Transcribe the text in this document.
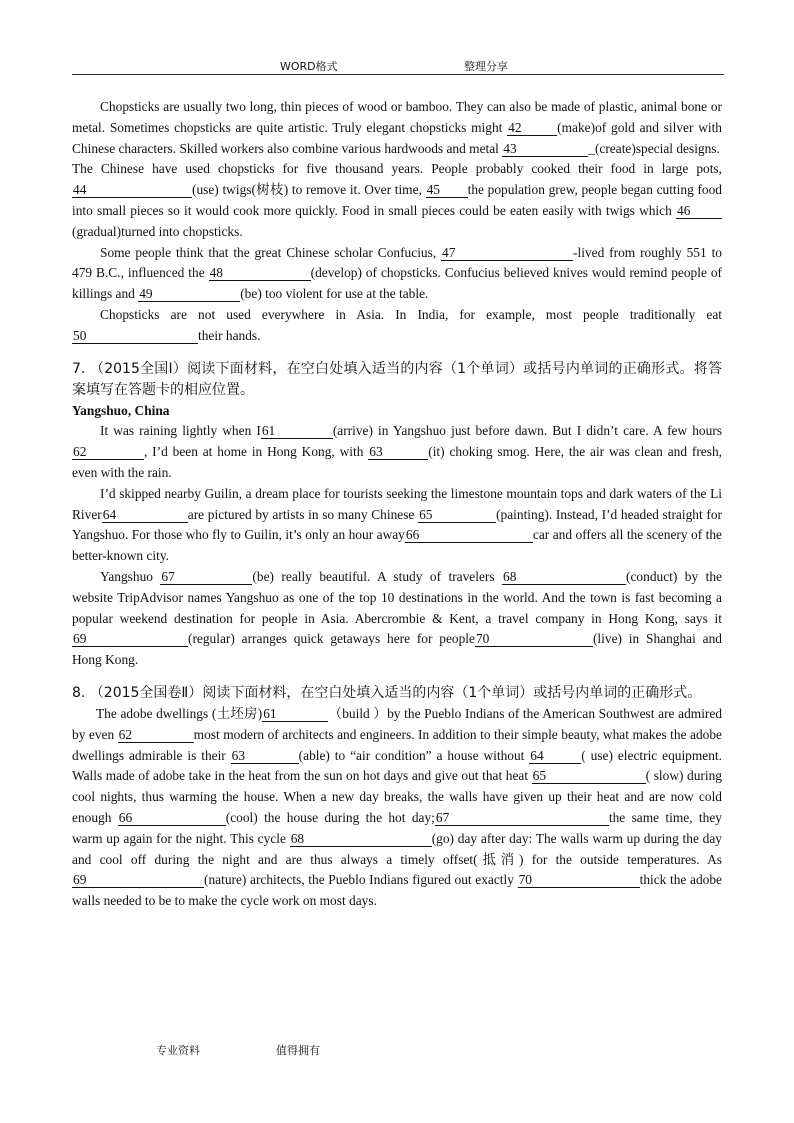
WORD格式	整理分享

Chopsticks are usually two long, thin pieces of wood or bamboo. They can also be made of plastic, animal bone or metal. Sometimes chopsticks are quite artistic. Truly elegant chopsticks might 42	(make)of gold and silver with Chinese characters. Skilled workers also combine various hardwoods and metal 43	_(create)special designs.

The Chinese have used chopsticks for five thousand years. People probably cooked their food in large pots, 44	(use) twigs(树枝) to remove it. Over time, 45 the population grew, people began cutting food into small pieces so it would cook more quickly. Food in small pieces could be eaten easily with twigs which 46(gradual)turned into chopsticks.

Some people think that the great Chinese scholar Confucius, 47	-lived from roughly 551 to 479 B.C., influenced the 48	(develop) of chopsticks. Confucius believed knives would remind people of killings and 49	(be) too violent for use at the table.

Chopsticks are not used everywhere in Asia. In India, for example, most people traditionally eat 50	their hands.

7. （2015全国Ⅰ）阅读下面材料，在空白处填入适当的内容（1个单词）或括号内单词的正确形式。将答案填写在答题卡的相应位置。

Yangshuo, China

It was raining lightly when I61	(arrive) in Yangshuo just before dawn. But I didn’t care. A few hours62	, I’d been at home in Hong Kong, with 63	(it) choking smog. Here, the air was clean and fresh, even with the rain.

I’d skipped nearby Guilin, a dream place for tourists seeking the limestone mountain tops and dark waters of the Li River64	are pictured by artists in so many Chinese 65	(painting). Instead, I’d headed straight for Yangshuo. For those who fly to Guilin, it’s only an hour away66	car and offers all the scenery of the better-known city.

Yangshuo 67	(be) really beautiful. A study of travelers 68	(conduct) by the website TripAdvisor names Yangshuo as one of the top 10 destinations in the world. And the town is fast becoming a popular weekend destination for people in Asia. Abercrombie & Kent, a travel company in Hong Kong, says it69	(regular) arranges quick getaways here for people70	(live) in Shanghai and Hong Kong.

8. （2015全国卷Ⅱ）阅读下面材料，在空白处填入适当的内容（1个单词）或括号内单词的正确形式。

The adobe dwellings (土坯房)61	（build ）by the Pueblo Indians of the American Southwest are admired by even 62	most modern of architects and engineers. In addition to their simple beauty, what makes the adobe dwellings admirable is their 63	(able) to “air condition” a house without 64	( use) electric equipment. Walls made of adobe take in the heat from the sun on hot days and give out that heat 65	( slow) during cool nights, thus warming the house. When a new day breaks, the walls have given up their heat and are now cold enough 66	(cool) the house during the hot day;67	the same time, they warm up again for the night. This cycle 68	(go) day after day: The walls warm up during the day and cool off during the night and are thus always a timely offset(抵消) for the outside temperatures. As 69	(nature) architects, the Pueblo Indians figured out exactly 70	thick the adobe walls needed to be to make the cycle work on most days.

专业资料	值得拥有
